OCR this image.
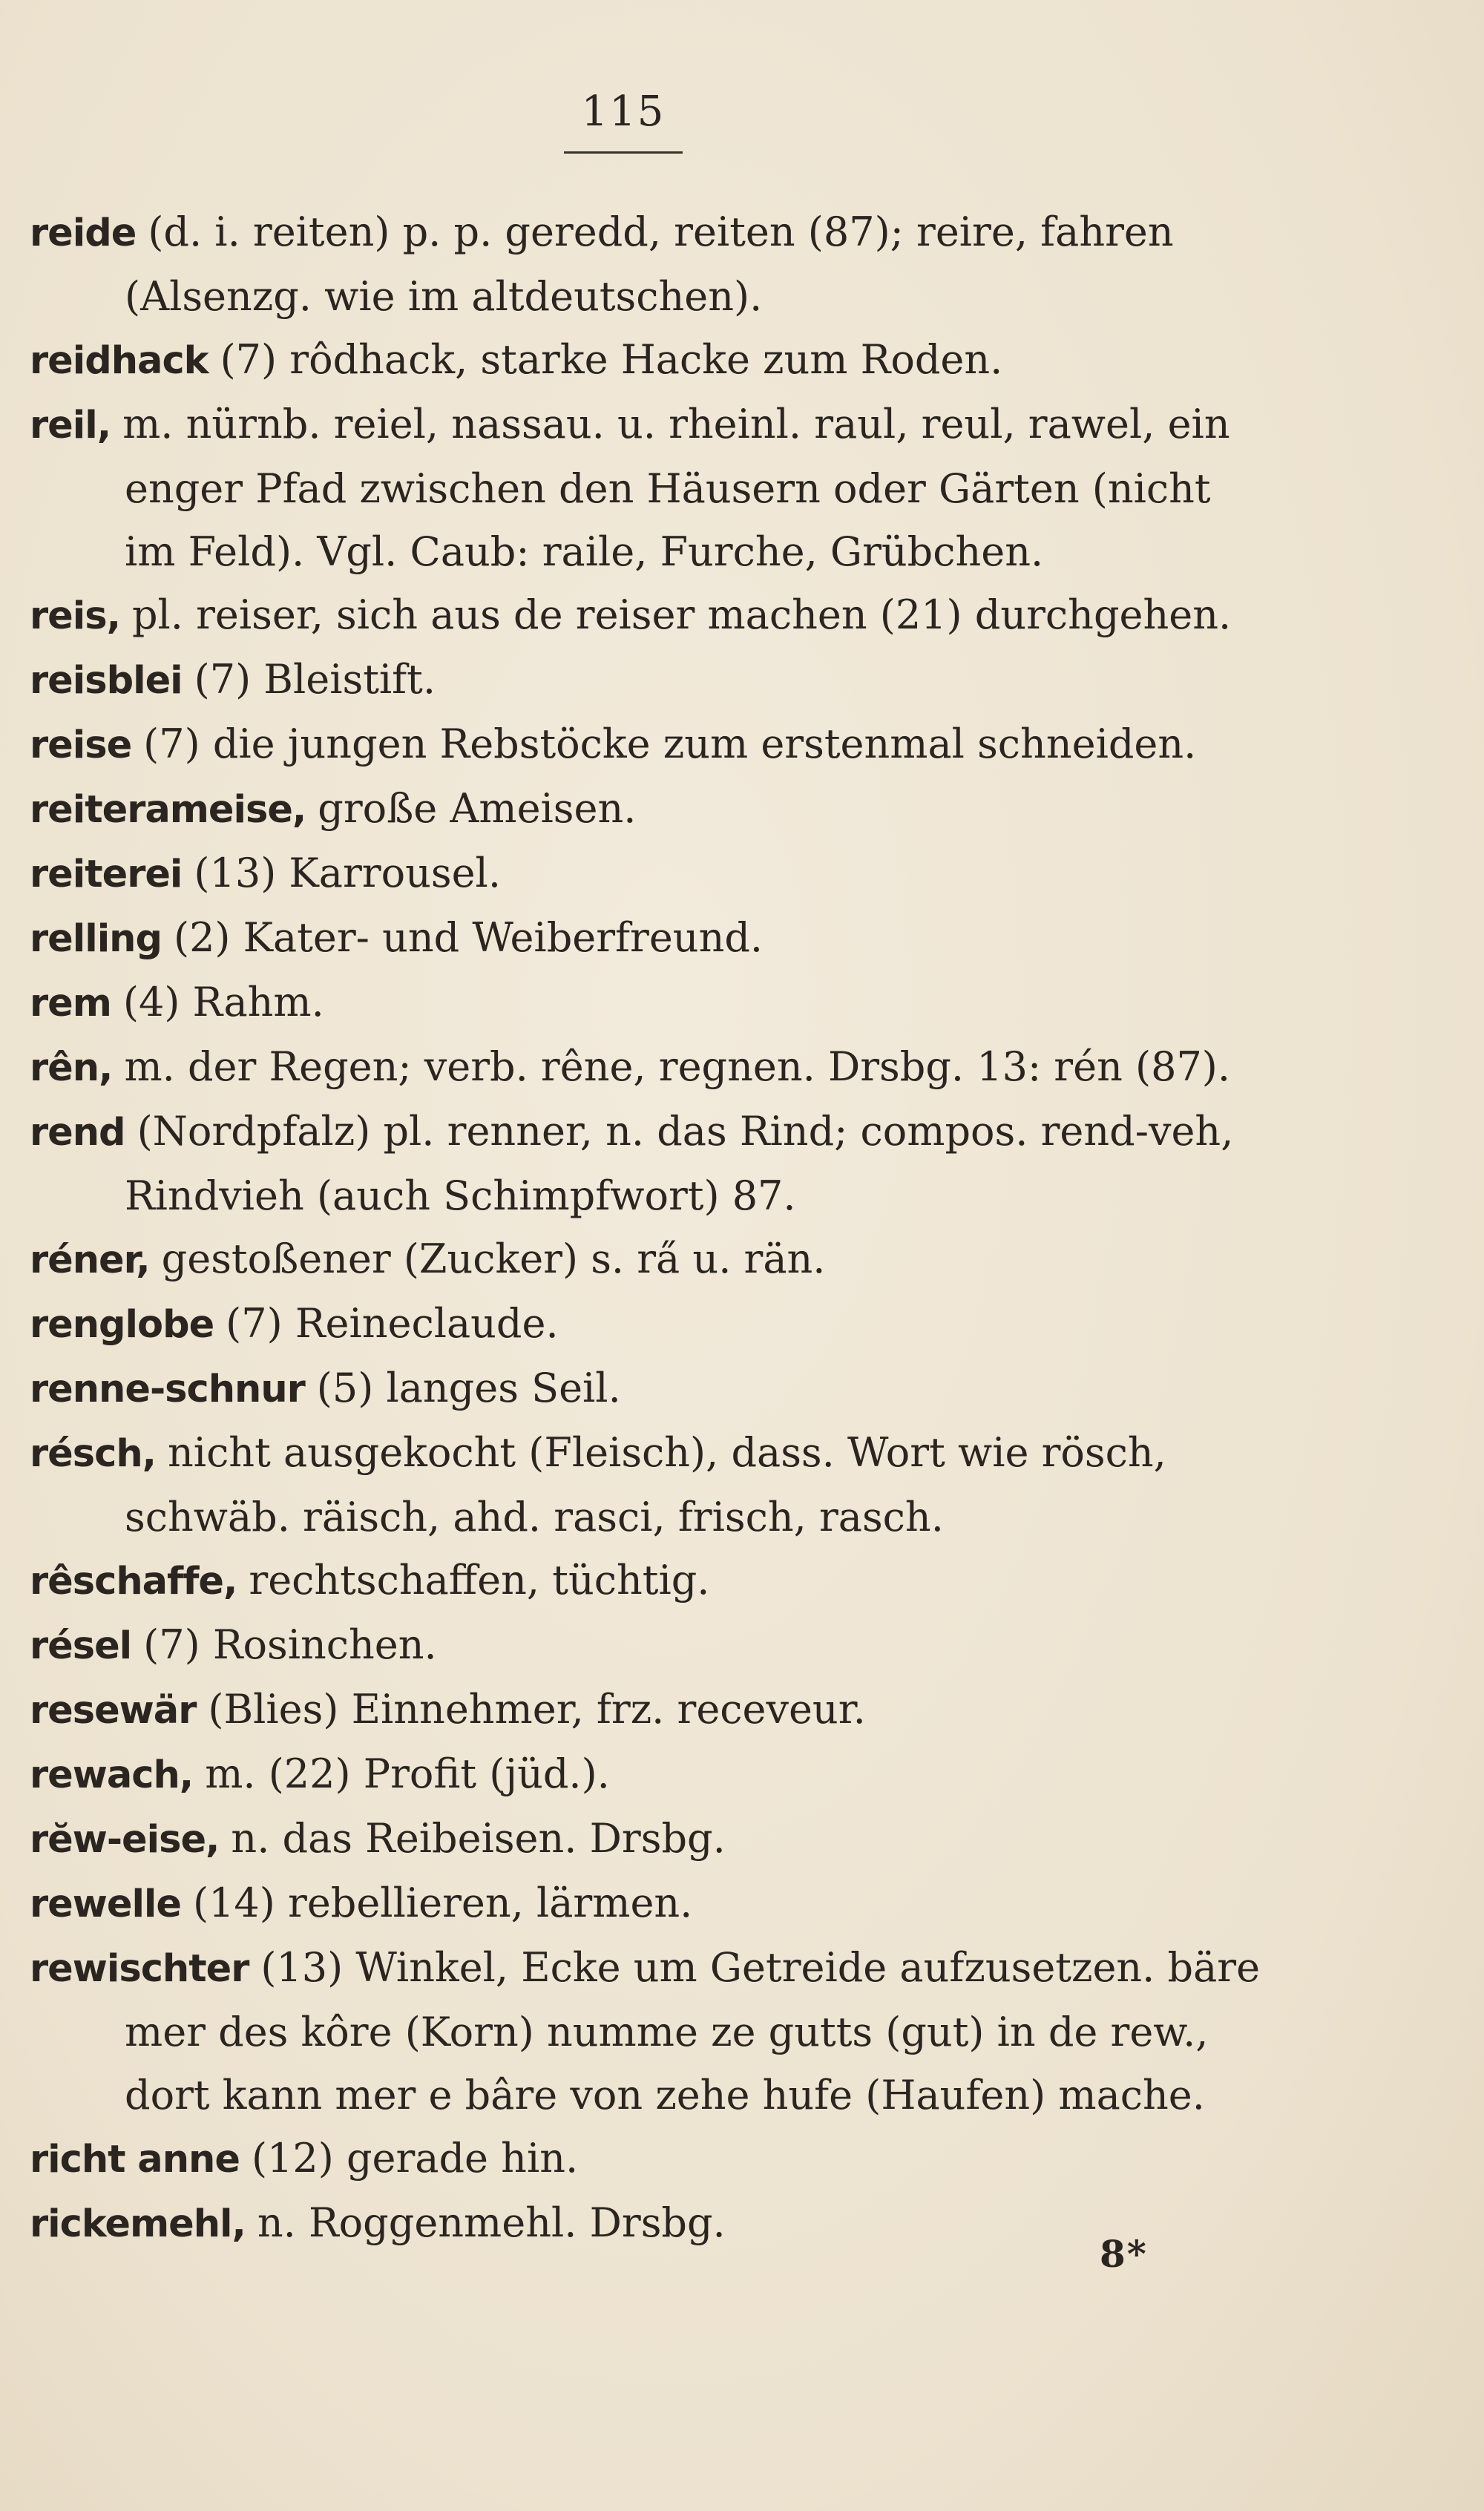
115

reide (d. i. reiten) p. p. geredd, reiten (87); reire, fahren (Alsenzg. wie im altdeutschen).

reidhack (7) rôdhack, starke Hacke zum Roden.

reil, m. nürnb. reiel, nassau. u. rheinl. raul, reul, rawel, ein enger Pfad zwischen den Häusern oder Gärten (nicht im Feld). Vgl. Caub: raile, Furche, Grübchen.

reis, pl. reiser, sich aus de reiser machen (21) durchgehen.

reisblei (7) Bleistift.

reise (7) die jungen Rebstöcke zum erstenmal schneiden.

reiterameise, große Ameisen.

reiterei (13) Karrousel.

relling (2) Kater- und Weiberfreund.

rem (4) Rahm.

rên, m. der Regen; verb. rêne, regnen. Drsbg. 13: rén (87).

rend (Nordpfalz) pl. renner, n. das Rind; compos. rend-veh, Rindvieh (auch Schimpfwort) 87.

réner, gestoßener (Zucker) s. ra̋ u. rän.

renglobe (7) Reineclaude.

renne-schnur (5) langes Seil.

résch, nicht ausgekocht (Fleisch), dass. Wort wie rösch, schwäb. räisch, ahd. rasci, frisch, rasch.

rêschaffe, rechtschaffen, tüchtig.

résel (7) Rosinchen.

resewär (Blies) Einnehmer, frz. receveur.

rewach, m. (22) Profit (jüd.).

rĕw-eise, n. das Reibeisen. Drsbg.

rewelle (14) rebellieren, lärmen.

rewischter (13) Winkel, Ecke um Getreide aufzusetzen. bäre mer des kôre (Korn) numme ze gutts (gut) in de rew., dort kann mer e bâre von zehe hufe (Haufen) mache.

richt anne (12) gerade hin.

rickemehl, n. Roggenmehl. Drsbg.

8*
